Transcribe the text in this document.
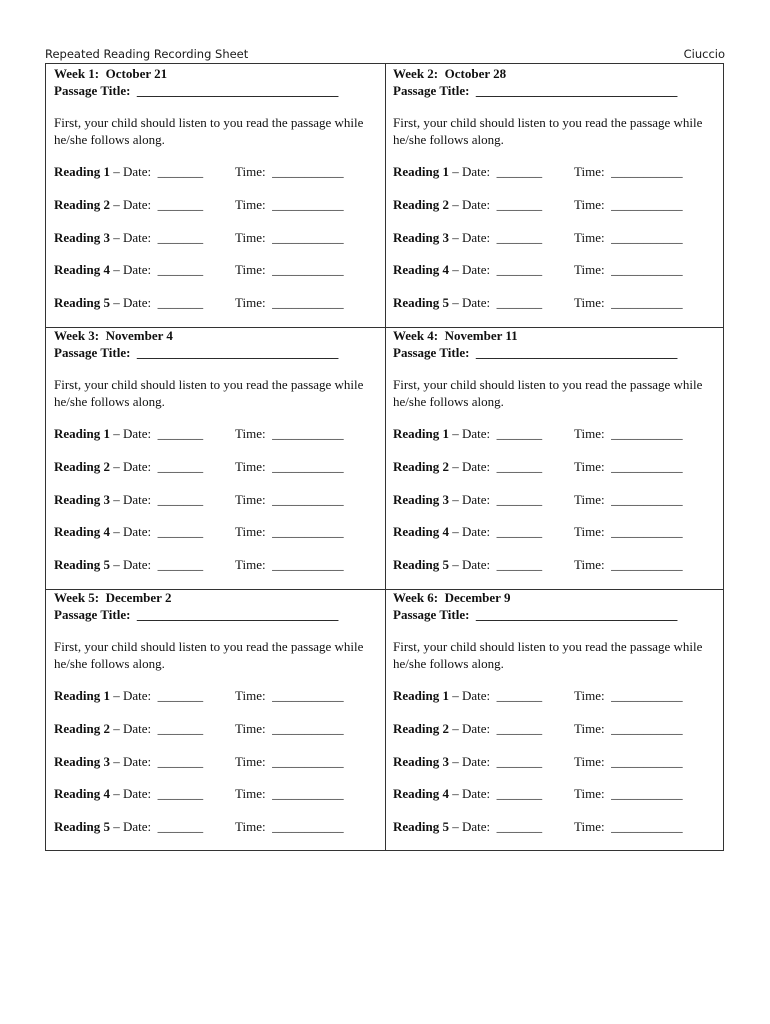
Repeated Reading Recording Sheet	Ciuccio
Week 1:  October 21
Passage Title:  _______________________________
First, your child should listen to you read the passage while he/she follows along.
Reading 1 – Date:  _______ Time:  ___________
Reading 2 – Date:  _______ Time:  ___________
Reading 3 – Date:  _______ Time:  ___________
Reading 4 – Date:  _______ Time:  ___________
Reading 5 – Date:  _______ Time:  ___________
Week 2:  October 28
Passage Title:  _______________________________
First, your child should listen to you read the passage while he/she follows along.
Reading 1 – Date:  _______ Time:  ___________
Reading 2 – Date:  _______ Time:  ___________
Reading 3 – Date:  _______ Time:  ___________
Reading 4 – Date:  _______ Time:  ___________
Reading 5 – Date:  _______ Time:  ___________
Week 3:  November 4
Passage Title:  _______________________________
First, your child should listen to you read the passage while he/she follows along.
Reading 1 – Date:  _______ Time:  ___________
Reading 2 – Date:  _______ Time:  ___________
Reading 3 – Date:  _______ Time:  ___________
Reading 4 – Date:  _______ Time:  ___________
Reading 5 – Date:  _______ Time:  ___________
Week 4:  November 11
Passage Title:  _______________________________
First, your child should listen to you read the passage while he/she follows along.
Reading 1 – Date:  _______ Time:  ___________
Reading 2 – Date:  _______ Time:  ___________
Reading 3 – Date:  _______ Time:  ___________
Reading 4 – Date:  _______ Time:  ___________
Reading 5 – Date:  _______ Time:  ___________
Week 5:  December 2
Passage Title:  _______________________________
First, your child should listen to you read the passage while he/she follows along.
Reading 1 – Date:  _______ Time:  ___________
Reading 2 – Date:  _______ Time:  ___________
Reading 3 – Date:  _______ Time:  ___________
Reading 4 – Date:  _______ Time:  ___________
Reading 5 – Date:  _______ Time:  ___________
Week 6:  December 9
Passage Title:  _______________________________
First, your child should listen to you read the passage while he/she follows along.
Reading 1 – Date:  _______ Time:  ___________
Reading 2 – Date:  _______ Time:  ___________
Reading 3 – Date:  _______ Time:  ___________
Reading 4 – Date:  _______ Time:  ___________
Reading 5 – Date:  _______ Time:  ___________
